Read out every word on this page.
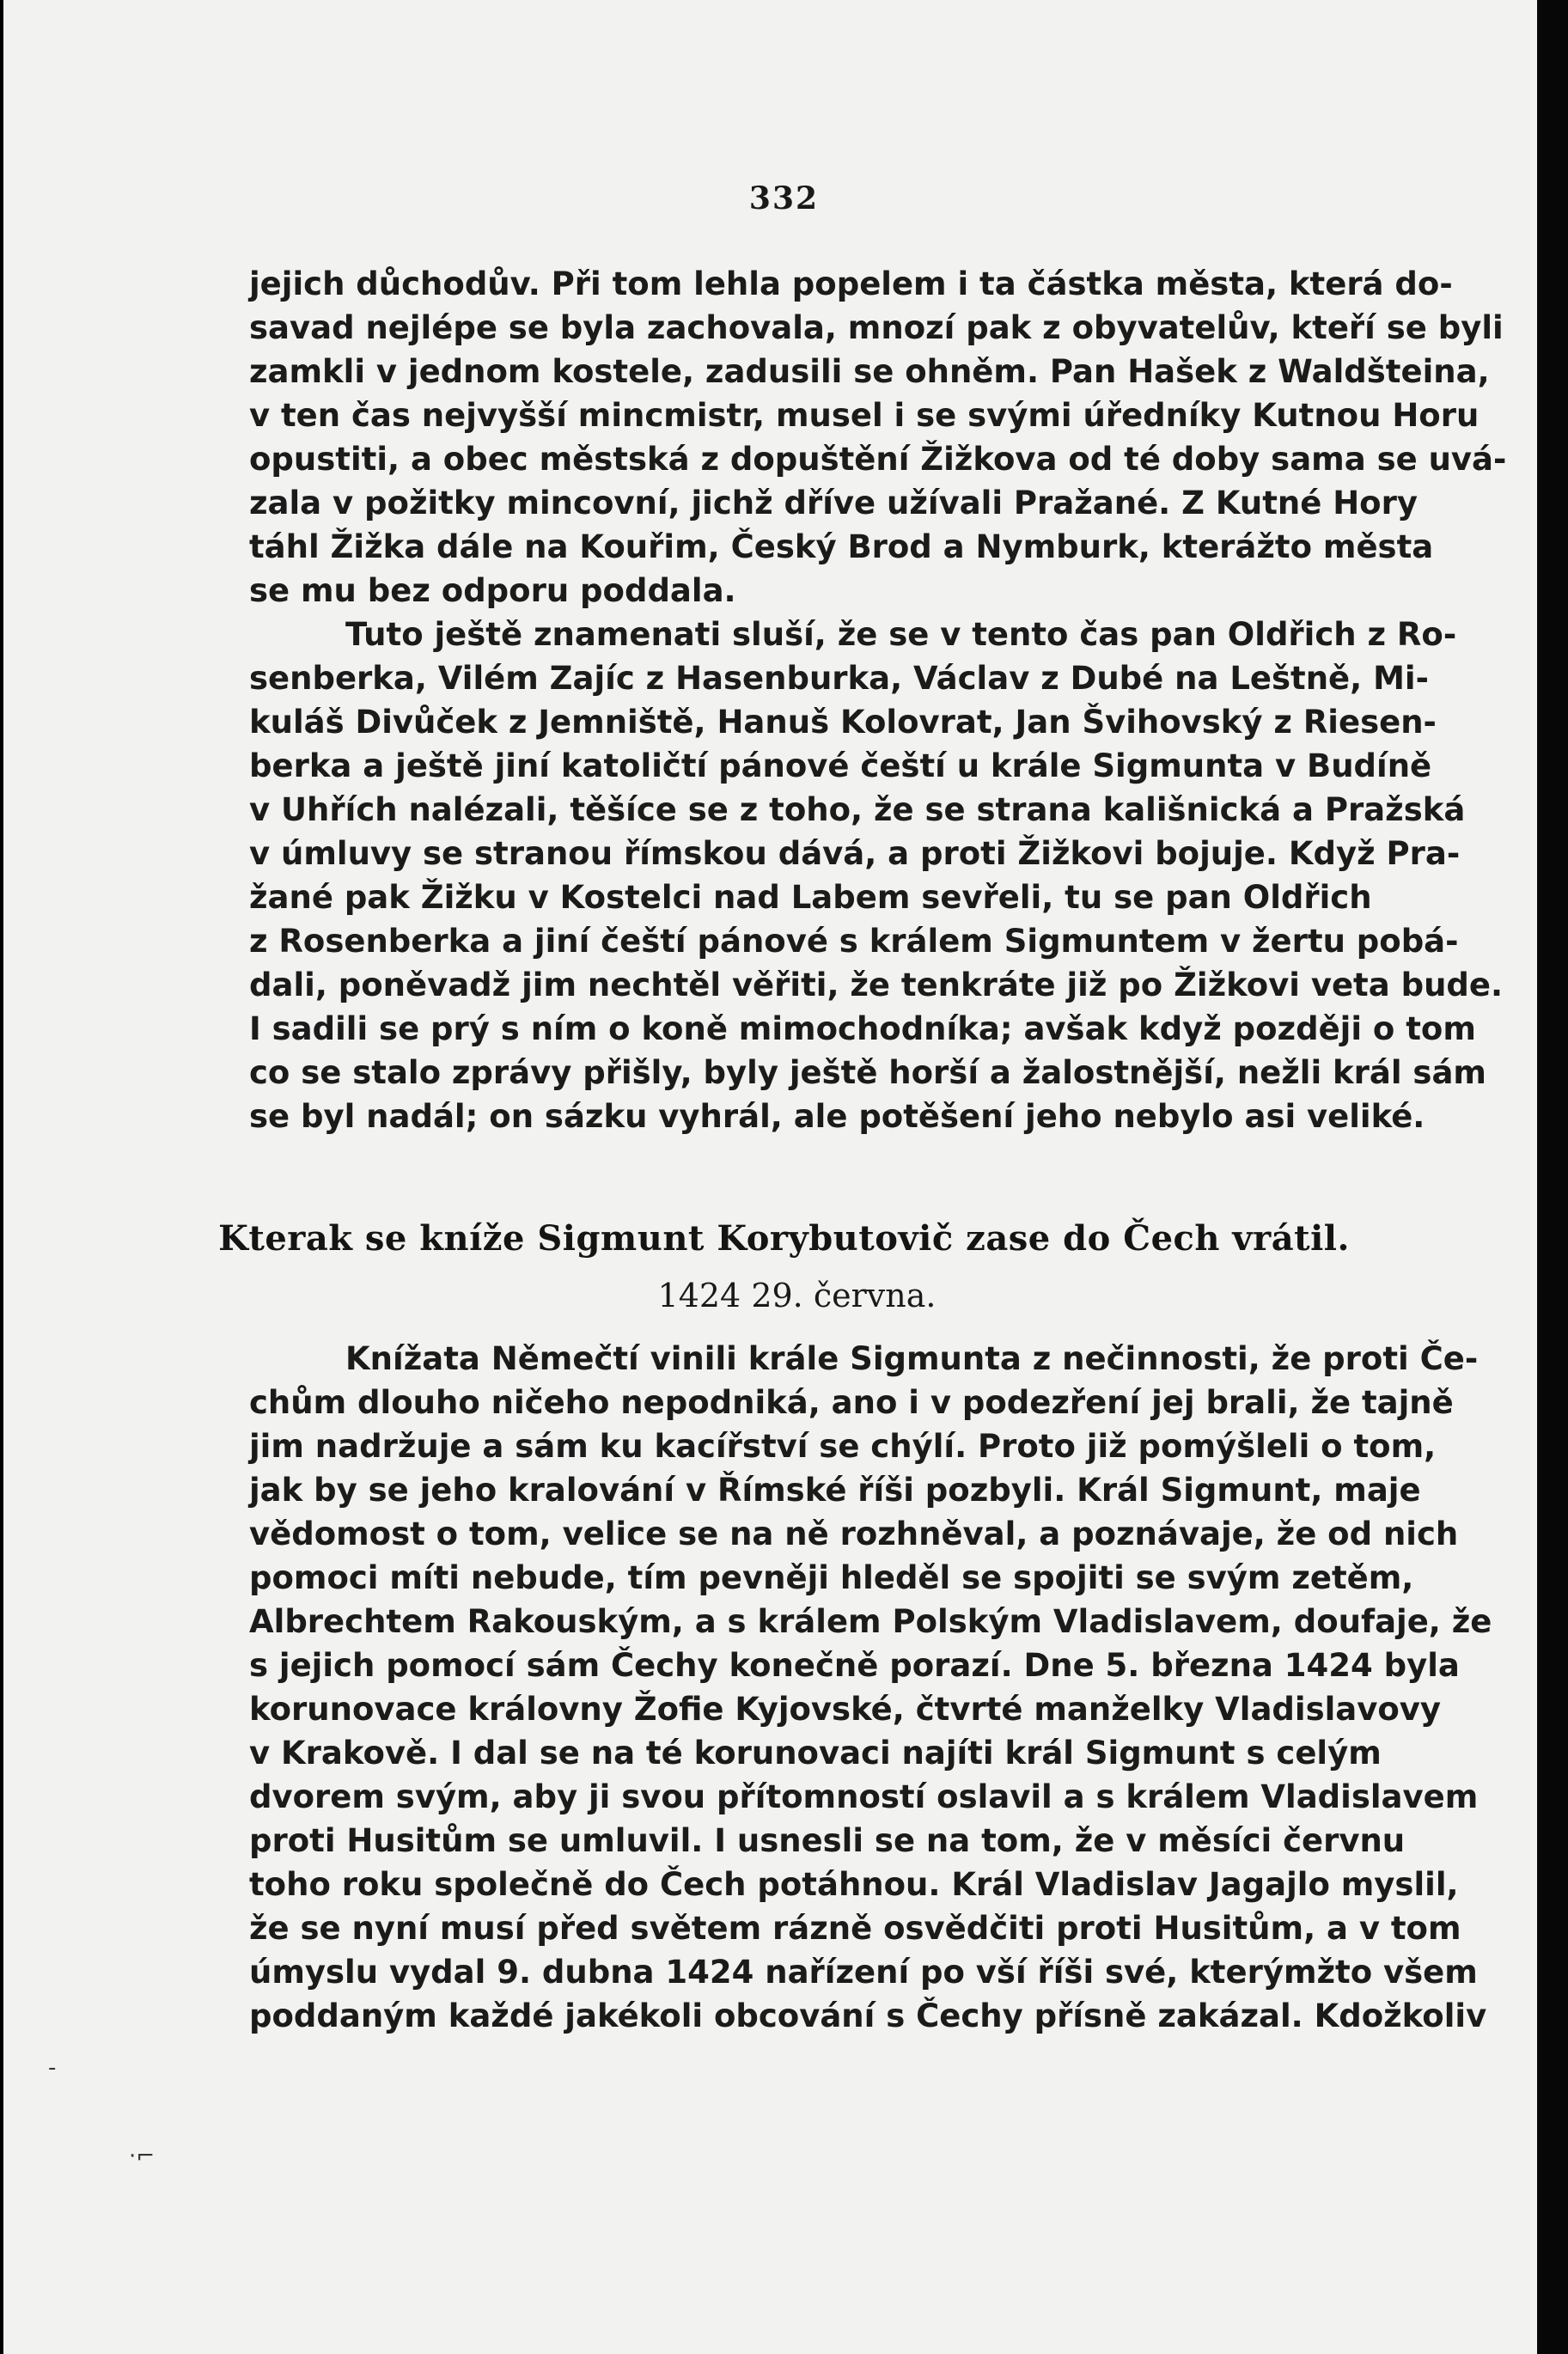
332
jejich důchodův. Při tom lehla popelem i ta částka města, která do-
savad nejlépe se byla zachovala, mnozí pak z obyvatelův, kteří se byli
zamkli v jednom kostele, zadusili se ohněm. Pan Hašek z Waldšteina,
v ten čas nejvyšší mincmistr, musel i se svými úředníky Kutnou Horu
opustiti, a obec městská z dopuštění Žižkova od té doby sama se uvá-
zala v požitky mincovní, jichž dříve užívali Pražané. Z Kutné Hory
táhl Žižka dále na Kouřim, Český Brod a Nymburk, kterážto města
se mu bez odporu poddala.
Tuto ještě znamenati sluší, že se v tento čas pan Oldřich z Ro-
senberka, Vilém Zajíc z Hasenburka, Václav z Dubé na Leštně, Mi-
kuláš Divůček z Jemniště, Hanuš Kolovrat, Jan Švihovský z Riesen-
berka a ještě jiní katoličtí pánové čeští u krále Sigmunta v Budíně
v Uhřích nalézali, těšíce se z toho, že se strana kališnická a Pražská
v úmluvy se stranou římskou dává, a proti Žižkovi bojuje. Když Pra-
žané pak Žižku v Kostelci nad Labem sevřeli, tu se pan Oldřich
z Rosenberka a jiní čeští pánové s králem Sigmuntem v žertu pobá-
dali, poněvadž jim nechtěl věřiti, že tenkráte již po Žižkovi veta bude.
I sadili se prý s ním o koně mimochodníka; avšak když později o tom
co se stalo zprávy přišly, byly ještě horší a žalostnější, nežli král sám
se byl nadál; on sázku vyhrál, ale potěšení jeho nebylo asi veliké.
Kterak se kníže Sigmunt Korybutovič zase do Čech vrátil.
1424 29. června.
Knížata Němečtí vinili krále Sigmunta z nečinnosti, že proti Če-
chům dlouho ničeho nepodniká, ano i v podezření jej brali, že tajně
jim nadržuje a sám ku kacířství se chýlí. Proto již pomýšleli o tom,
jak by se jeho kralování v Římské říši pozbyli. Král Sigmunt, maje
vědomost o tom, velice se na ně rozhněval, a poznávaje, že od nich
pomoci míti nebude, tím pevněji hleděl se spojiti se svým zetěm,
Albrechtem Rakouským, a s králem Polským Vladislavem, doufaje, že
s jejich pomocí sám Čechy konečně porazí. Dne 5. března 1424 byla
korunovace královny Žofie Kyjovské, čtvrté manželky Vladislavovy
v Krakově. I dal se na té korunovaci najíti král Sigmunt s celým
dvorem svým, aby ji svou přítomností oslavil a s králem Vladislavem
proti Husitům se umluvil. I usnesli se na tom, že v měsíci červnu
toho roku společně do Čech potáhnou. Král Vladislav Jagajlo myslil,
že se nyní musí před světem rázně osvědčiti proti Husitům, a v tom
úmyslu vydal 9. dubna 1424 nařízení po vší říši své, kterýmžto všem
poddaným každé jakékoli obcování s Čechy přísně zakázal. Kdožkoliv
-
·⌐
